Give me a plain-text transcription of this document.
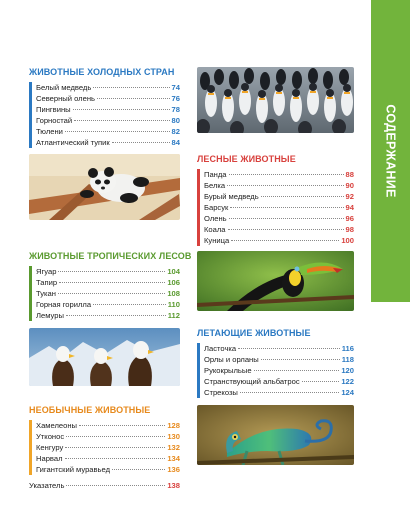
СОДЕРЖАНИЕ
ЖИВОТНЫЕ ХОЛОДНЫХ СТРАН
Белый медведь	74
Северный олень	76
Пингвины	78
Горностай	80
Тюлени	82
Атлантический тупик	84
ЛЕСНЫЕ ЖИВОТНЫЕ
Панда	88
Белка	90
Бурый медведь	92
Барсук	94
Олень	96
Коала	98
Куница	100
ЖИВОТНЫЕ ТРОПИЧЕСКИХ ЛЕСОВ
Ягуар	104
Тапир	106
Тукан	108
Горная горилла	110
Лемуры	112
ЛЕТАЮЩИЕ ЖИВОТНЫЕ
Ласточка	116
Орлы и орланы	118
Рукокрыльые	120
Странствующий альбатрос	122
Стрекозы	124
НЕОБЫЧНЫЕ ЖИВОТНЫЕ
Хамелеоны	128
Утконос	130
Кенгуру	132
Нарвал	134
Гигантский муравьед	136
Указатель	138
